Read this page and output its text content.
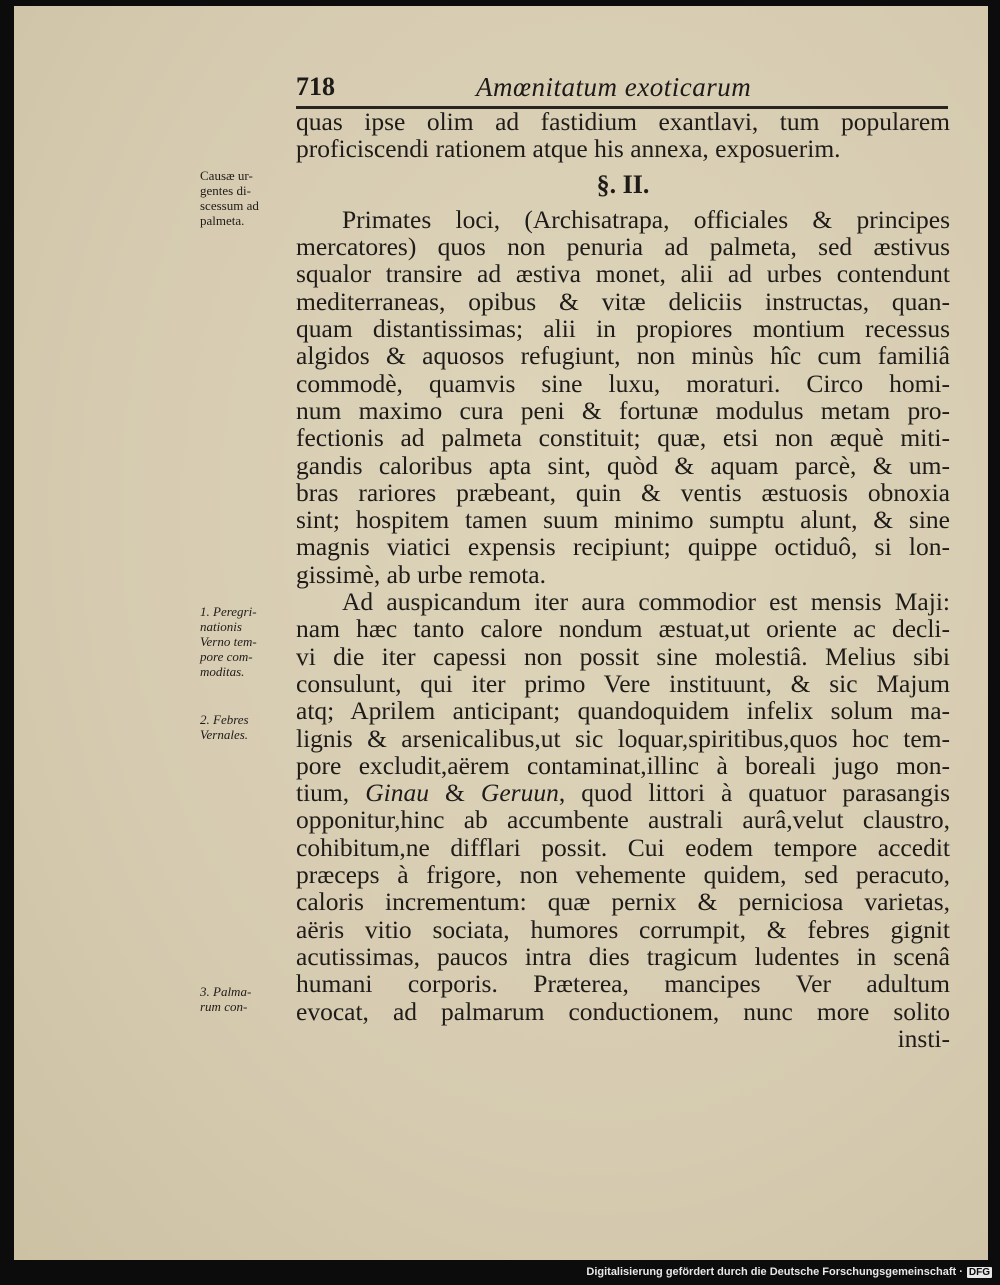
718	Amœnitatum exoticarum
Causæ ur-
gentes di-
scessum ad
palmeta.
1. Peregri-
nationis
Verno tem-
pore com-
moditas.
2. Febres
Vernales.
3. Palma-
rum con-
quas ipse olim ad fastidium exantlavi, tum popularem
proficiscendi rationem atque his annexa, exposuerim.
§. II.
Primates loci, (Archisatrapa, officiales & principes
mercatores) quos non penuria ad palmeta, sed æstivus
squalor transire ad æstiva monet, alii ad urbes contendunt
mediterraneas, opibus & vitæ deliciis instructas, quan-
quam distantissimas; alii in propiores montium recessus
algidos & aquosos refugiunt, non minùs hîc cum familiâ
commodè, quamvis sine luxu, moraturi. Circo homi-
num maximo cura peni & fortunæ modulus metam pro-
fectionis ad palmeta constituit; quæ, etsi non æquè miti-
gandis caloribus apta sint, quòd & aquam parcè, & um-
bras rariores præbeant, quin & ventis æstuosis obnoxia
sint; hospitem tamen suum minimo sumptu alunt, & sine
magnis viatici expensis recipiunt; quippe octiduô, si lon-
gissimè, ab urbe remota.
Ad auspicandum iter aura commodior est mensis Maji:
nam hæc tanto calore nondum æstuat,ut oriente ac decli-
vi die iter capessi non possit sine molestiâ. Melius sibi
consulunt, qui iter primo Vere instituunt, & sic Majum
atq; Aprilem anticipant; quandoquidem infelix solum ma-
lignis & arsenicalibus,ut sic loquar,spiritibus,quos hoc tem-
pore excludit,aërem contaminat,illinc à boreali jugo mon-
tium, Ginau & Geruun, quod littori à quatuor parasangis
opponitur,hinc ab accumbente australi aurâ,velut claustro,
cohibitum,ne difflari possit. Cui eodem tempore accedit
præceps à frigore, non vehemente quidem, sed peracuto,
caloris incrementum: quæ pernix & perniciosa varietas,
aëris vitio sociata, humores corrumpit, & febres gignit
acutissimas, paucos intra dies tragicum ludentes in scenâ
humani corporis. Præterea, mancipes Ver adultum
evocat, ad palmarum conductionem, nunc more solito
insti-
Digitalisierung gefördert durch die Deutsche Forschungsgemeinschaft · DFG
